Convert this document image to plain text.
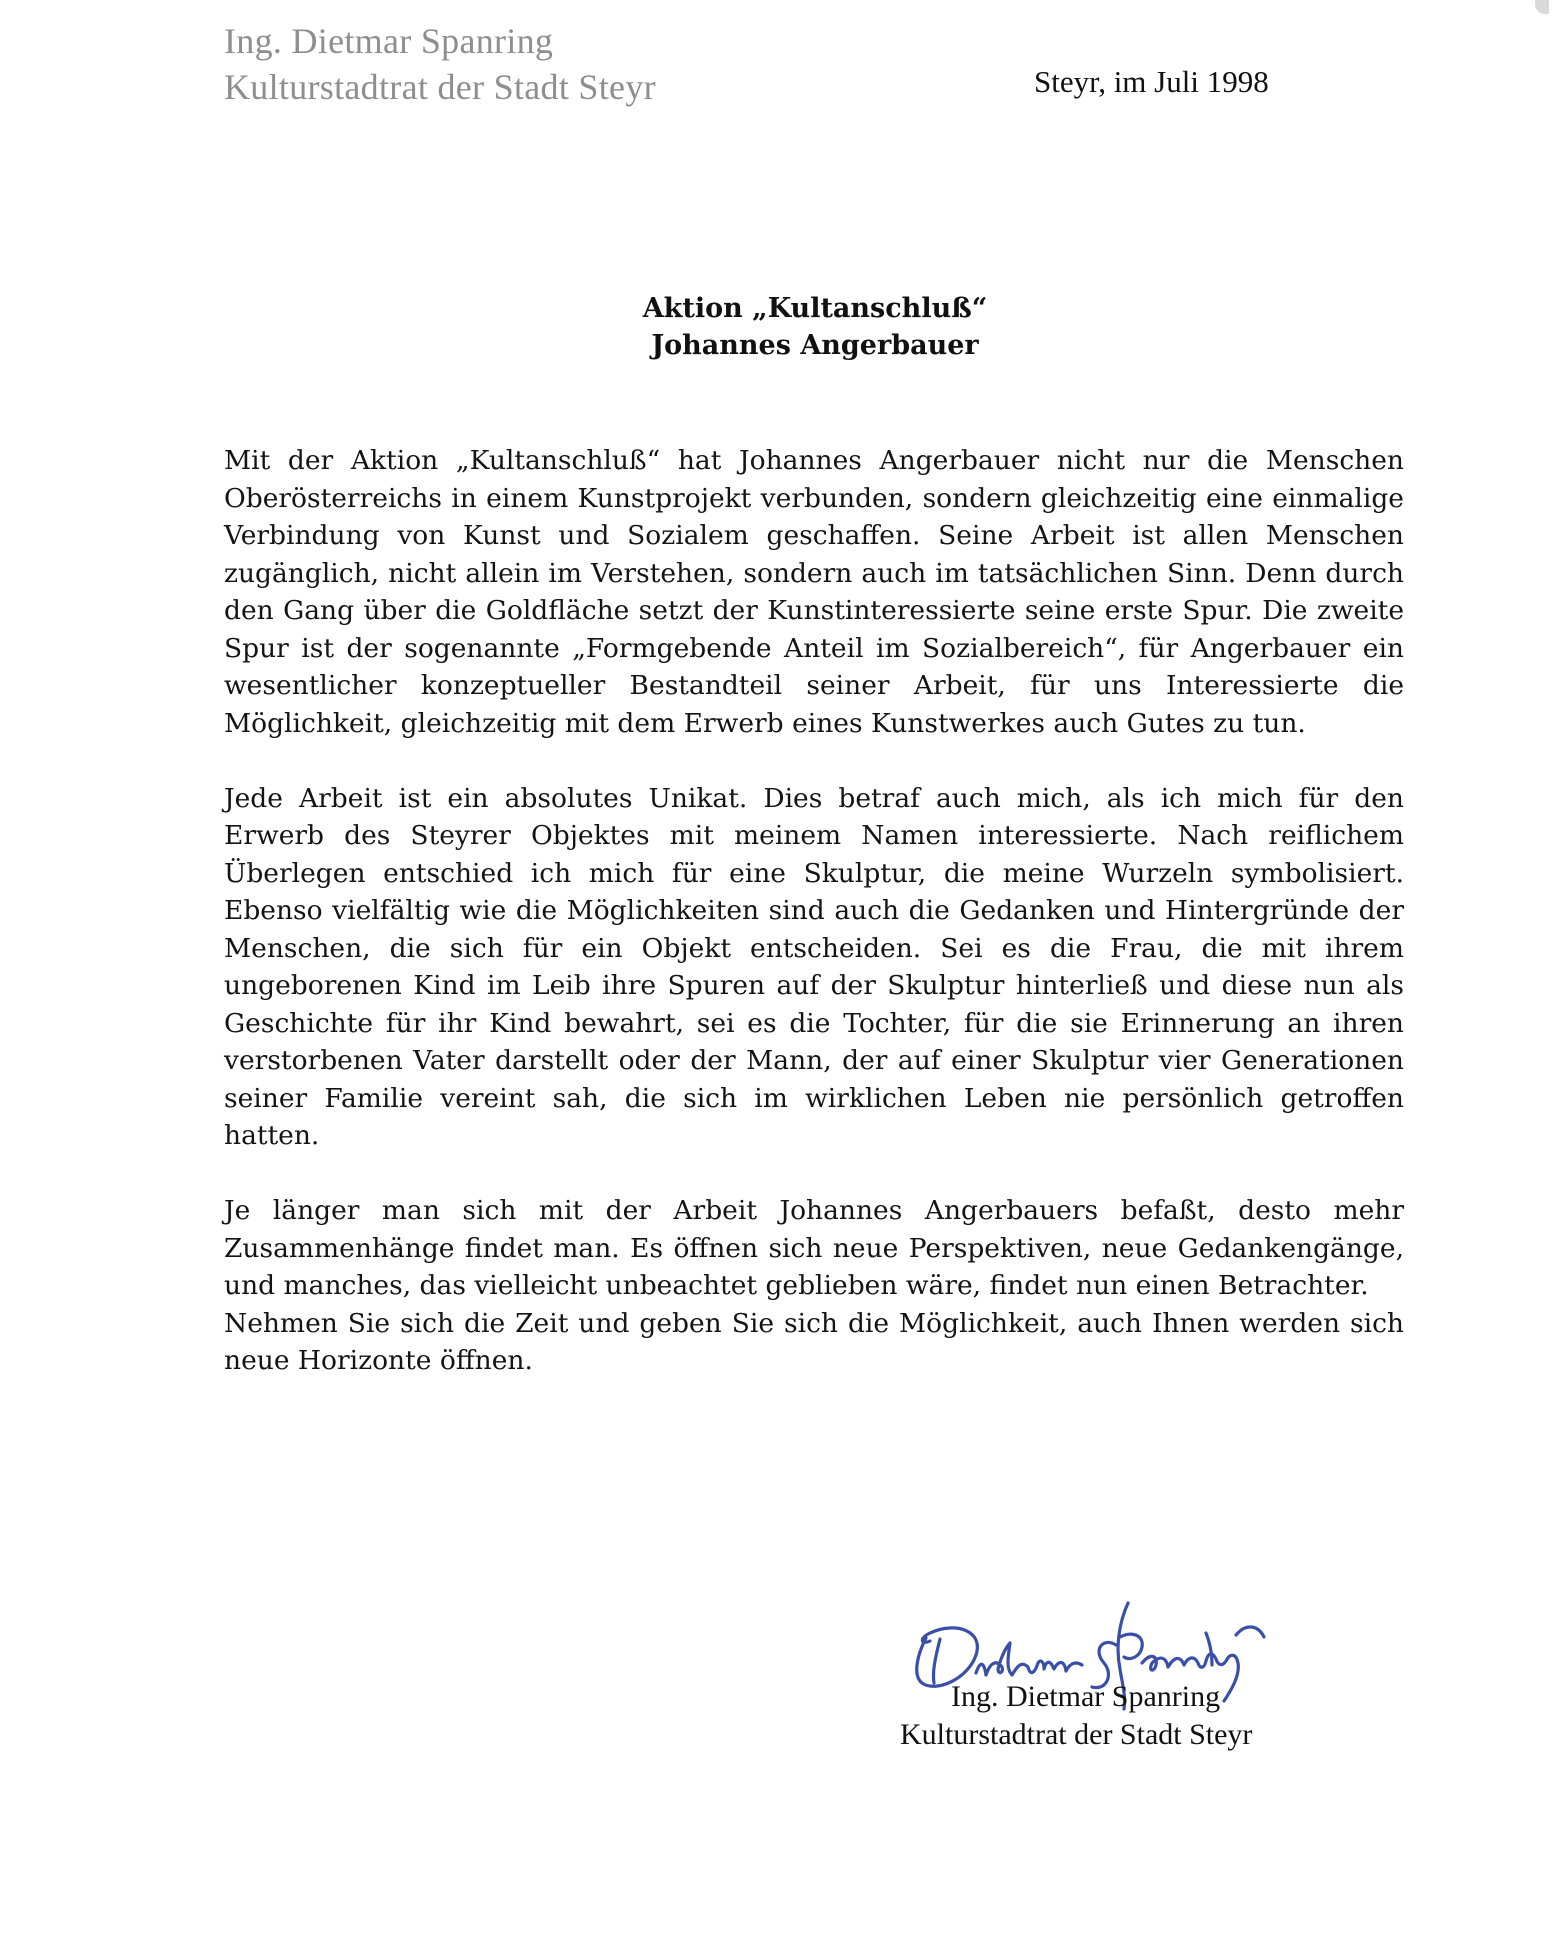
Ing. Dietmar Spanring
Kulturstadtrat der Stadt Steyr	Steyr, im Juli 1998
Aktion „Kultanschluß“
Johannes Angerbauer

Mit der Aktion „Kultanschluß“ hat Johannes Angerbauer nicht nur die Menschen Oberösterreichs in einem Kunstprojekt verbunden, sondern gleichzeitig eine einmalige Verbindung von Kunst und Sozialem geschaffen. Seine Arbeit ist allen Menschen zugänglich, nicht allein im Verstehen, sondern auch im tatsächlichen Sinn. Denn durch den Gang über die Goldfläche setzt der Kunstinteressierte seine erste Spur. Die zweite Spur ist der sogenannte „Formgebende Anteil im Sozialbereich“, für Angerbauer ein wesentlicher konzeptueller Bestandteil seiner Arbeit, für uns Interessierte die Möglichkeit, gleichzeitig mit dem Erwerb eines Kunstwerkes auch Gutes zu tun.

Jede Arbeit ist ein absolutes Unikat. Dies betraf auch mich, als ich mich für den Erwerb des Steyrer Objektes mit meinem Namen interessierte. Nach reiflichem Überlegen entschied ich mich für eine Skulptur, die meine Wurzeln symbolisiert. Ebenso vielfältig wie die Möglichkeiten sind auch die Gedanken und Hintergründe der Menschen, die sich für ein Objekt entscheiden. Sei es die Frau, die mit ihrem ungeborenen Kind im Leib ihre Spuren auf der Skulptur hinterließ und diese nun als Geschichte für ihr Kind bewahrt, sei es die Tochter, für die sie Erinnerung an ihren verstorbenen Vater darstellt oder der Mann, der auf einer Skulptur vier Generationen seiner Familie vereint sah, die sich im wirklichen Leben nie persönlich getroffen hatten.

Je länger man sich mit der Arbeit Johannes Angerbauers befaßt, desto mehr Zusammenhänge findet man. Es öffnen sich neue Perspektiven, neue Gedankengänge, und manches, das vielleicht unbeachtet geblieben wäre, findet nun einen Betrachter.

Nehmen Sie sich die Zeit und geben Sie sich die Möglichkeit, auch Ihnen werden sich neue Horizonte öffnen.

Ing. Dietmar Spanring
Kulturstadtrat der Stadt Steyr
